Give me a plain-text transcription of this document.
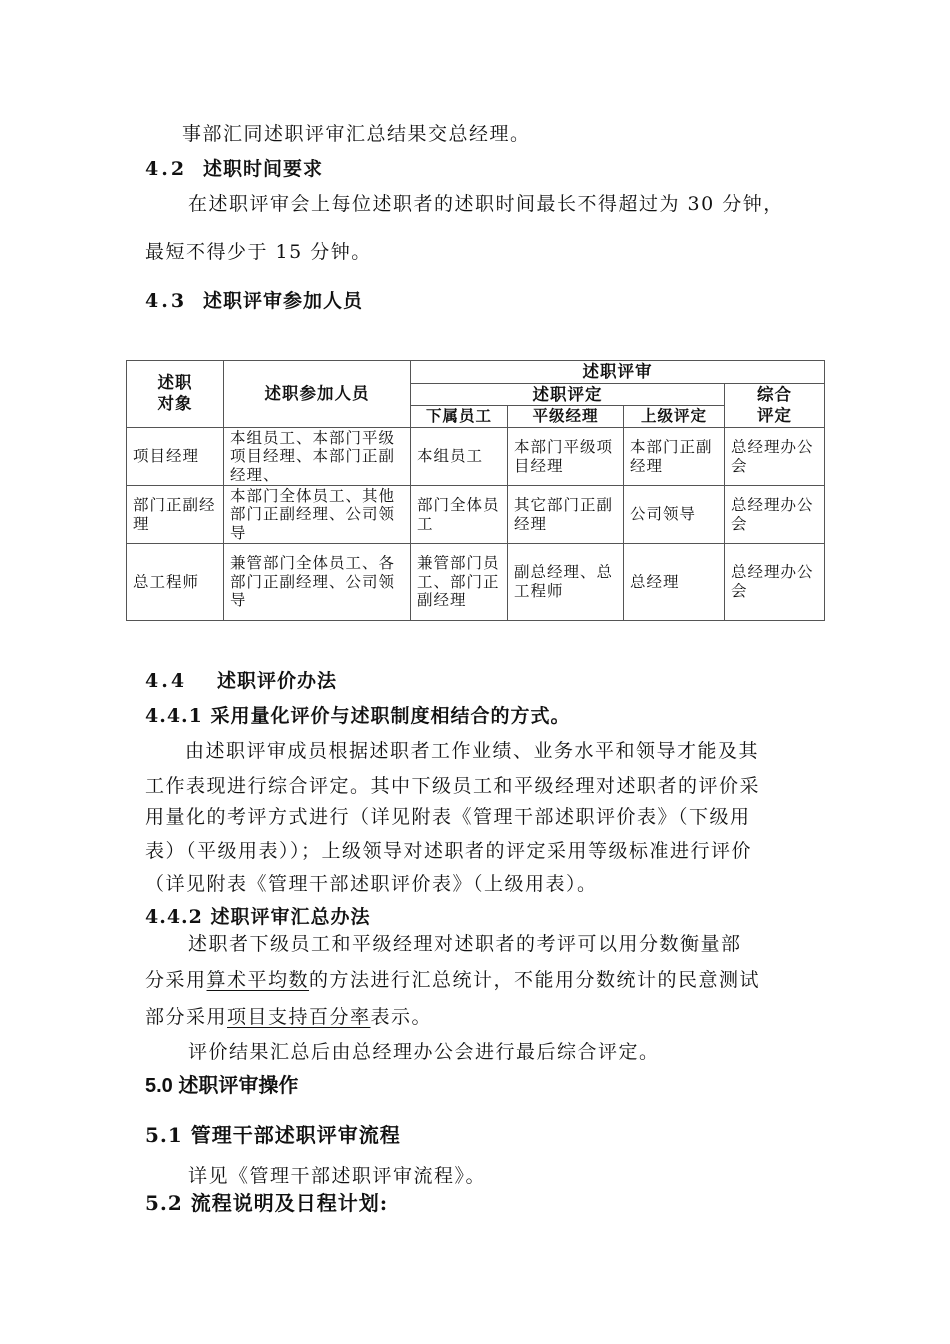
事部汇同述职评审汇总结果交总经理。
4.2 述职时间要求
在述职评审会上每位述职者的述职时间最长不得超过为 30 分钟，
最短不得少于 15 分钟。
4.3 述职评审参加人员
述职对象	述职参加人员	述职评审			
		述职评定			综合评定
		下属员工	平级经理	上级评定	
项目经理	本组员工、本部门平级项目经理、本部门正副经理、	本组员工	本部门平级项目经理	本部门正副经理	总经理办公会
部门正副经理	本部门全体员工、其他部门正副经理、公司领导	部门全体员工	其它部门正副经理	公司领导	总经理办公会
总工程师	兼管部门全体员工、各部门正副经理、公司领导	兼管部门员工、部门正副经理	副总经理、总工程师	总经理	总经理办公会
4.4 述职评价办法
4.4.1 采用量化评价与述职制度相结合的方式。
由述职评审成员根据述职者工作业绩、业务水平和领导才能及其
工作表现进行综合评定。其中下级员工和平级经理对述职者的评价采
用量化的考评方式进行（详见附表《管理干部述职评价表》（下级用
表）（平级用表））；上级领导对述职者的评定采用等级标准进行评价
（详见附表《管理干部述职评价表》（上级用表）。
4.4.2 述职评审汇总办法
述职者下级员工和平级经理对述职者的考评可以用分数衡量部
分采用算术平均数的方法进行汇总统计，不能用分数统计的民意测试
部分采用项目支持百分率表示。
评价结果汇总后由总经理办公会进行最后综合评定。
5.0 述职评审操作
5.1 管理干部述职评审流程
详见《管理干部述职评审流程》。
5.2 流程说明及日程计划:
